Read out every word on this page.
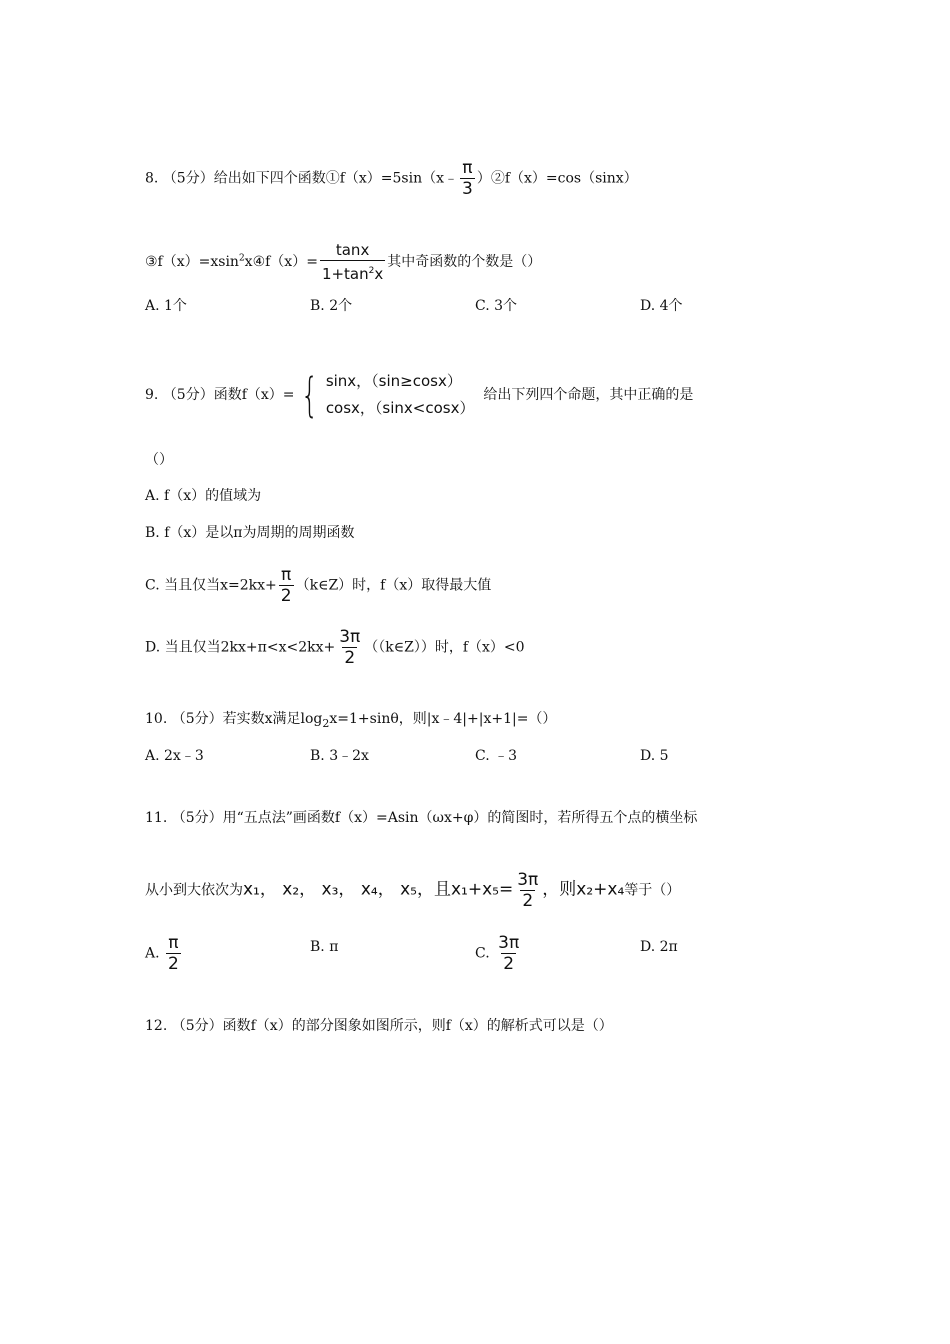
8. （5分）给出如下四个函数①f（x）=5sin（x﹣ $\frac{\pi}{3}$ ）②f（x）=cos（sinx）
③f（x）=xsin$^2$x④f（x）= $\frac{\tan x}{1+\tan^2x}$ 其中奇函数的个数是（）
A. 1个	B. 2个	C. 3个	D. 4个
9. （5分）函数f（x）= { sinx，（sin≥cosx）
cosx，（sinx<cosx）
给出下列四个命题，其中正确的是
（）
A. f（x）的值域为
B. f（x）是以π为周期的周期函数
C. 当且仅当$x=2kx+ \frac{\pi}{2}$ （k∈Z）时，f（x）取得最大值
D. 当且仅当$2kx+\pi<x<2kx+ \frac{3\pi}{2}$ （（k∈Z））时，f（x）<0
10. （5分）若实数x满足$\log_2x=1+\sin\theta$，则|x﹣4|+|x+1|=（）
A. 2x﹣3	B. 3﹣2x	C. ﹣3	D. 5
11. （5分）用“五点法”画函数f（x）=Asin（ωx+φ）的简图时，若所得五个点的横坐标
从小到大依次为x₁， x₂， x₃， x₄， x₅，且$x_1+x_5= \frac{3\pi}{2}$ ，则x₂+x₄等于（）
A. $\frac{\pi}{2}$	B. π	C. $\frac{3\pi}{2}$	D. 2π
12. （5分）函数f（x）的部分图象如图所示，则f（x）的解析式可以是（）
